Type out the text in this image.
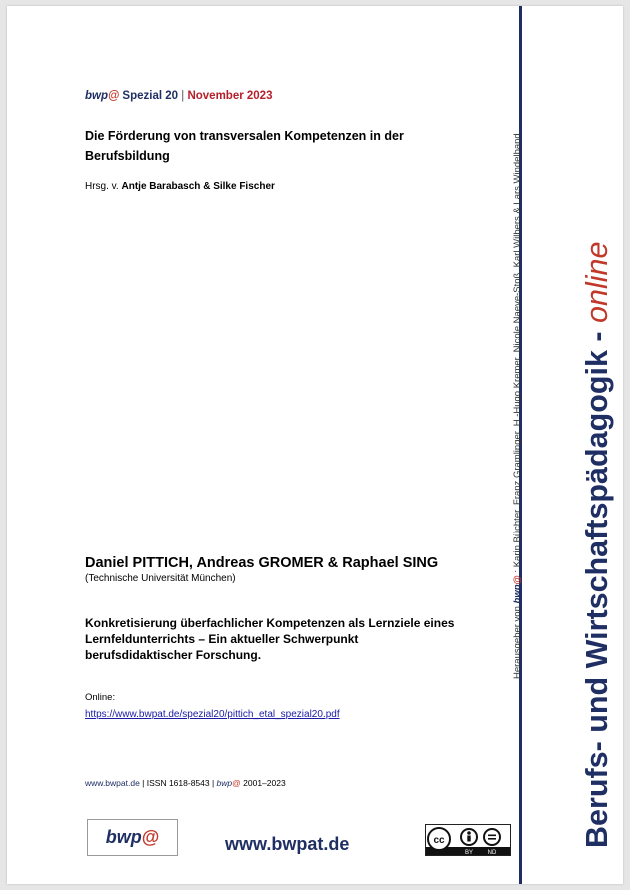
bwp@ Spezial 20 | November 2023
Die Förderung von transversalen Kompetenzen in der Berufsbildung
Hrsg. v. Antje Barabasch & Silke Fischer
Daniel PITTICH, Andreas GROMER & Raphael SING
(Technische Universität München)
Konkretisierung überfachlicher Kompetenzen als Lernziele eines Lernfeldunterrichts – Ein aktueller Schwerpunkt berufsdidaktischer Forschung.
Online:
https://www.bwpat.de/spezial20/pittich_etal_spezial20.pdf
www.bwpat.de | ISSN 1618-8543 | bwp@ 2001–2023
bwp @	www.bwpat.de	cc
BY ND
Berufs- und Wirtschaftspädagogik - online
Herausgeber von bwp@ : Karin Büchter, Franz Gramlinger, H.-Hugo Kremer, Nicole Naeve-Stoß, Karl Wilbers & Lars Windelband
